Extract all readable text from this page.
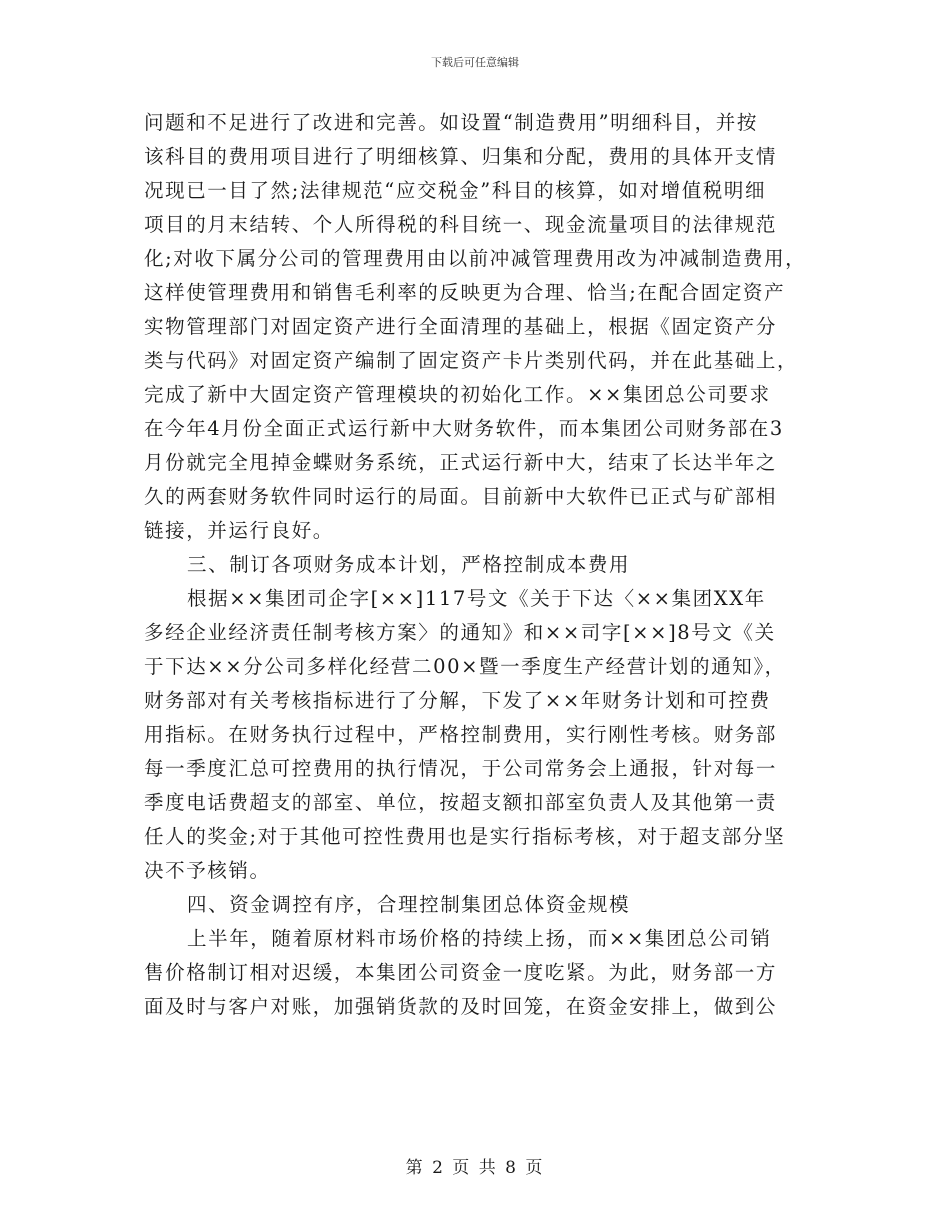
下载后可任意编辑
问题和不足进行了改进和完善。如设置“制造费用”明细科目，并按
该科目的费用项目进行了明细核算、归集和分配，费用的具体开支情
况现已一目了然;法律规范“应交税金”科目的核算，如对增值税明细
项目的月末结转、个人所得税的科目统一、现金流量项目的法律规范
化;对收下属分公司的管理费用由以前冲减管理费用改为冲减制造费用，
这样使管理费用和销售毛利率的反映更为合理、恰当;在配合固定资产
实物管理部门对固定资产进行全面清理的基础上，根据《固定资产分
类与代码》对固定资产编制了固定资产卡片类别代码，并在此基础上，
完成了新中大固定资产管理模块的初始化工作。××集团总公司要求
在今年4月份全面正式运行新中大财务软件，而本集团公司财务部在3
月份就完全甩掉金蝶财务系统，正式运行新中大，结束了长达半年之
久的两套财务软件同时运行的局面。目前新中大软件已正式与矿部相
链接，并运行良好。
三、制订各项财务成本计划，严格控制成本费用
根据××集团司企字[××]117号文《关于下达〈××集团XX年
多经企业经济责任制考核方案〉的通知》和××司字[××]8号文《关
于下达××分公司多样化经营二00×暨一季度生产经营计划的通知》，
财务部对有关考核指标进行了分解，下发了××年财务计划和可控费
用指标。在财务执行过程中，严格控制费用，实行刚性考核。财务部
每一季度汇总可控费用的执行情况，于公司常务会上通报，针对每一
季度电话费超支的部室、单位，按超支额扣部室负责人及其他第一责
任人的奖金;对于其他可控性费用也是实行指标考核，对于超支部分坚
决不予核销。
四、资金调控有序，合理控制集团总体资金规模
上半年，随着原材料市场价格的持续上扬，而××集团总公司销
售价格制订相对迟缓，本集团公司资金一度吃紧。为此，财务部一方
面及时与客户对账，加强销货款的及时回笼，在资金安排上，做到公
第 2 页 共 8 页
